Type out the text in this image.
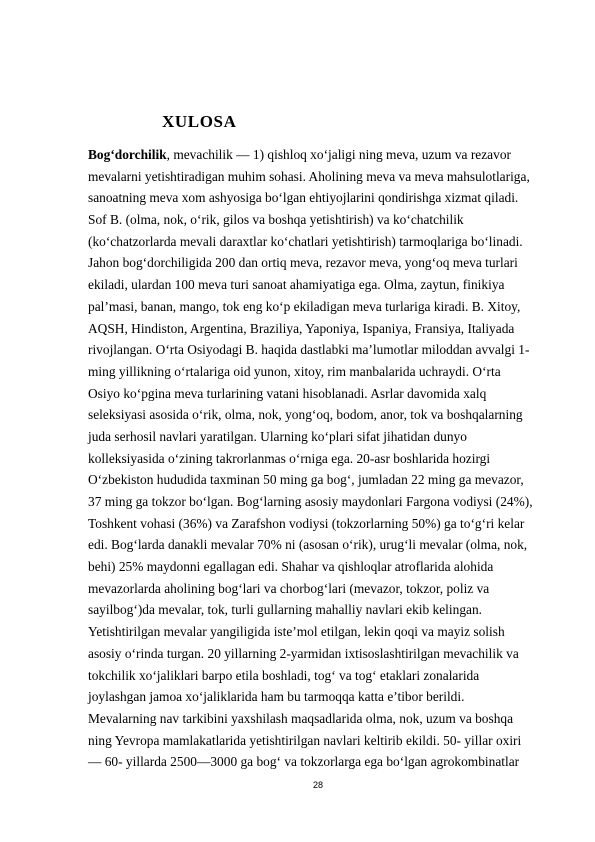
XULOSA
Bog‘dorchilik, mevachilik — 1) qishloq xo‘jaligi ning meva, uzum va rezavor
mevalarni yetishtiradigan muhim sohasi. Aholining meva va meva mahsulotlariga,
sanoatning meva xom ashyosiga bo‘lgan ehtiyojlarini qondirishga xizmat qiladi.
Sof B. (olma, nok, o‘rik, gilos va boshqa yetishtirish) va ko‘chatchilik
(ko‘chatzorlarda mevali daraxtlar ko‘chatlari yetishtirish) tarmoqlariga bo‘linadi.
Jahon bog‘dorchiligida 200 dan ortiq meva, rezavor meva, yong‘oq meva turlari
ekiladi, ulardan 100 meva turi sanoat ahamiyatiga ega. Olma, zaytun, finikiya
pal’masi, banan, mango, tok eng ko‘p ekiladigan meva turlariga kiradi. B. Xitoy,
AQSH, Hindiston, Argentina, Braziliya, Yaponiya, Ispaniya, Fransiya, Italiyada
rivojlangan. O‘rta Osiyodagi B. haqida dastlabki ma’lumotlar miloddan avvalgi 1-
ming yillikning o‘rtalariga oid yunon, xitoy, rim manbalarida uchraydi. O‘rta
Osiyo ko‘pgina meva turlarining vatani hisoblanadi. Asrlar davomida xalq
seleksiyasi asosida o‘rik, olma, nok, yong‘oq, bodom, anor, tok va boshqalarning
juda serhosil navlari yaratilgan. Ularning ko‘plari sifat jihatidan dunyo
kolleksiyasida o‘zining takrorlanmas o‘rniga ega. 20-asr boshlarida hozirgi
O‘zbekiston hududida taxminan 50 ming ga bog‘, jumladan 22 ming ga mevazor,
37 ming ga tokzor bo‘lgan. Bog‘larning asosiy maydonlari Fargona vodiysi (24%),
Toshkent vohasi (36%) va Zarafshon vodiysi (tokzorlarning 50%) ga to‘g‘ri kelar
edi. Bog‘larda danakli mevalar 70% ni (asosan o‘rik), urug‘li mevalar (olma, nok,
behi) 25% maydonni egallagan edi. Shahar va qishloqlar atroflarida alohida
mevazorlarda aholining bog‘lari va chorbog‘lari (mevazor, tokzor, poliz va
sayilbog‘)da mevalar, tok, turli gullarning mahalliy navlari ekib kelingan.
Yetishtirilgan mevalar yangiligida iste’mol etilgan, lekin qoqi va mayiz solish
asosiy o‘rinda turgan. 20 yillarning 2-yarmidan ixtisoslashtirilgan mevachilik va
tokchilik xo‘jaliklari barpo etila boshladi, tog‘ va tog‘ etaklari zonalarida
joylashgan jamoa xo‘jaliklarida ham bu tarmoqqa katta e’tibor berildi.
Mevalarning nav tarkibini yaxshilash maqsadlarida olma, nok, uzum va boshqa
ning Yevropa mamlakatlarida yetishtirilgan navlari keltirib ekildi. 50- yillar oxiri
— 60- yillarda 2500—3000 ga bog‘ va tokzorlarga ega bo‘lgan agrokombinatlar
28
